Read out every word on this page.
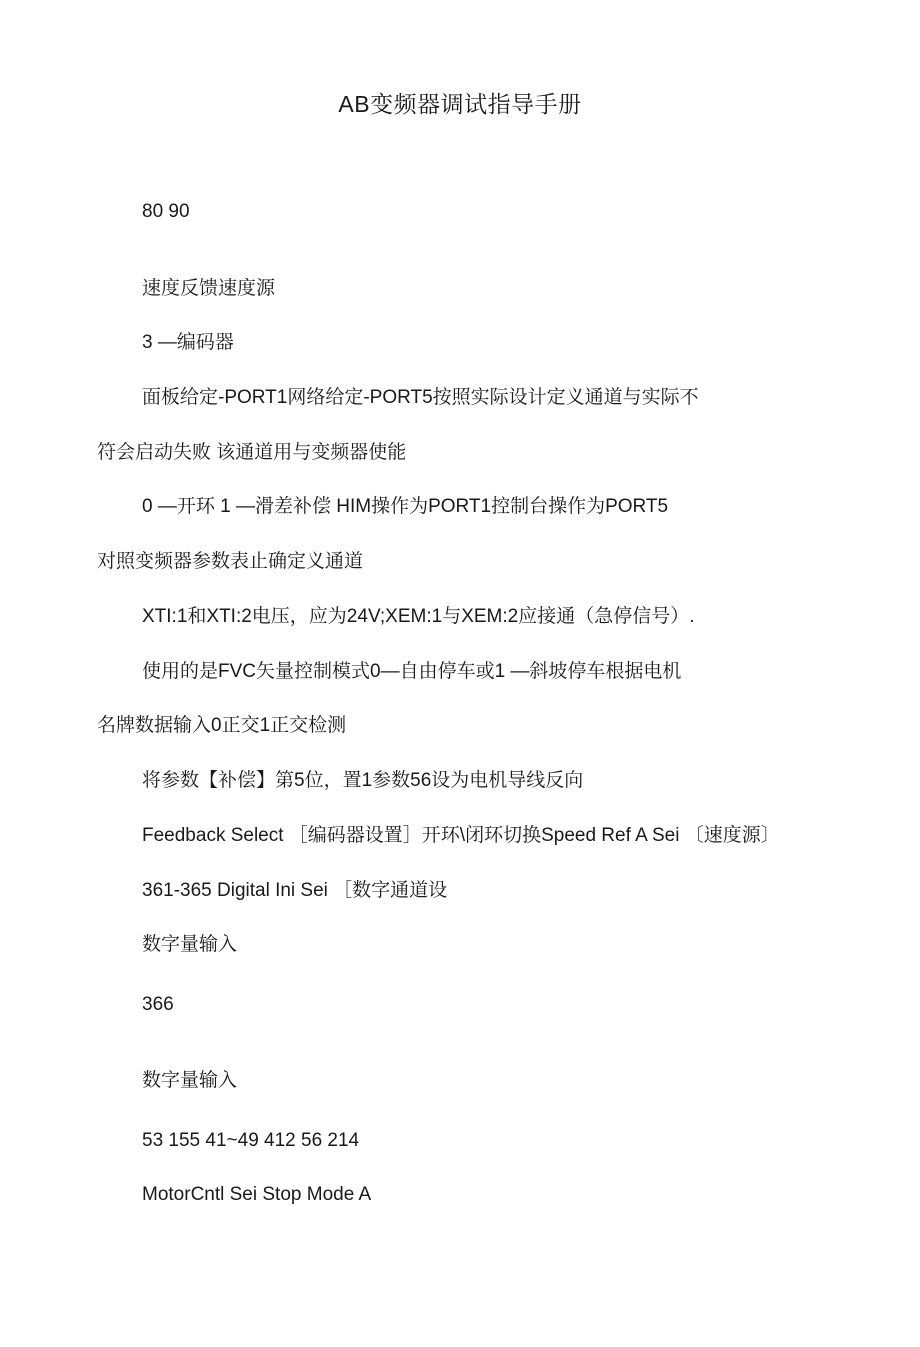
AB变频器调试指导手册
80 90
速度反馈速度源
3 —编码器
面板给定-PORT1网络给定-PORT5按照实际设计定义通道与实际不
符会启动失败 该通道用与变频器使能
0 —开环 1 —滑差补偿 HIM操作为PORT1控制台操作为PORT5
对照变频器参数表止确定义通道
XTI:1和XTI:2电压，应为24V;XEM:1与XEM:2应接通（急停信号）.
使用的是FVC矢量控制模式0—自由停车或1 —斜坡停车根据电机
名牌数据输入0正交1正交检测
将参数【补偿】第5位，置1参数56设为电机导线反向
Feedback Select ［编码器设置］开环\闭环切换Speed Ref A Sei 〔速度源〕
361-365 Digital Ini Sei ［数字通道设
数字量输入
366
数字量输入
53 155 41~49 412 56 214
MotorCntl Sei Stop Mode A
